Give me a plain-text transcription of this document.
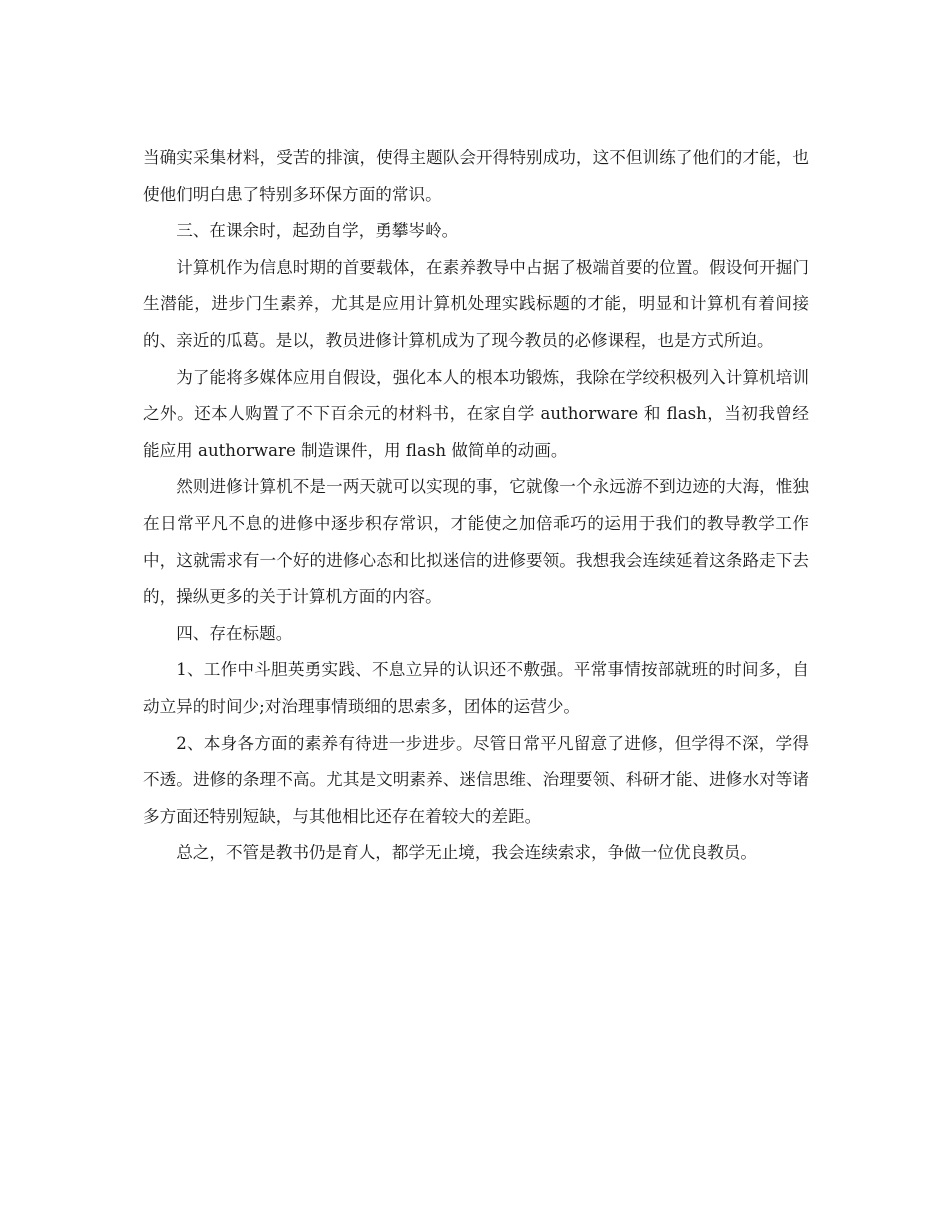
当确实采集材料，受苦的排演，使得主题队会开得特别成功，这不但训练了他们的才能，也使他们明白患了特别多环保方面的常识。

三、在课余时，起劲自学，勇攀岑岭。

计算机作为信息时期的首要载体，在素养教导中占据了极端首要的位置。假设何开掘门生潜能，进步门生素养，尤其是应用计算机处理实践标题的才能，明显和计算机有着间接的、亲近的瓜葛。是以，教员进修计算机成为了现今教员的必修课程，也是方式所迫。

为了能将多媒体应用自假设，强化本人的根本功锻炼，我除在学绞积极列入计算机培训之外。还本人购置了不下百余元的材料书，在家自学 authorware 和 flash，当初我曾经能应用 authorware 制造课件，用 flash 做简单的动画。

然则进修计算机不是一两天就可以实现的事，它就像一个永远游不到边迹的大海，惟独在日常平凡不息的进修中逐步积存常识，才能使之加倍乖巧的运用于我们的教导教学工作中，这就需求有一个好的进修心态和比拟迷信的进修要领。我想我会连续延着这条路走下去的，操纵更多的关于计算机方面的内容。

四、存在标题。

1、工作中斗胆英勇实践、不息立异的认识还不敷强。平常事情按部就班的时间多，自动立异的时间少;对治理事情琐细的思索多，团体的运营少。

2、本身各方面的素养有待进一步进步。尽管日常平凡留意了进修，但学得不深，学得不透。进修的条理不高。尤其是文明素养、迷信思维、治理要领、科研才能、进修水对等诸多方面还特别短缺，与其他相比还存在着较大的差距。

总之，不管是教书仍是育人，都学无止境，我会连续索求，争做一位优良教员。
